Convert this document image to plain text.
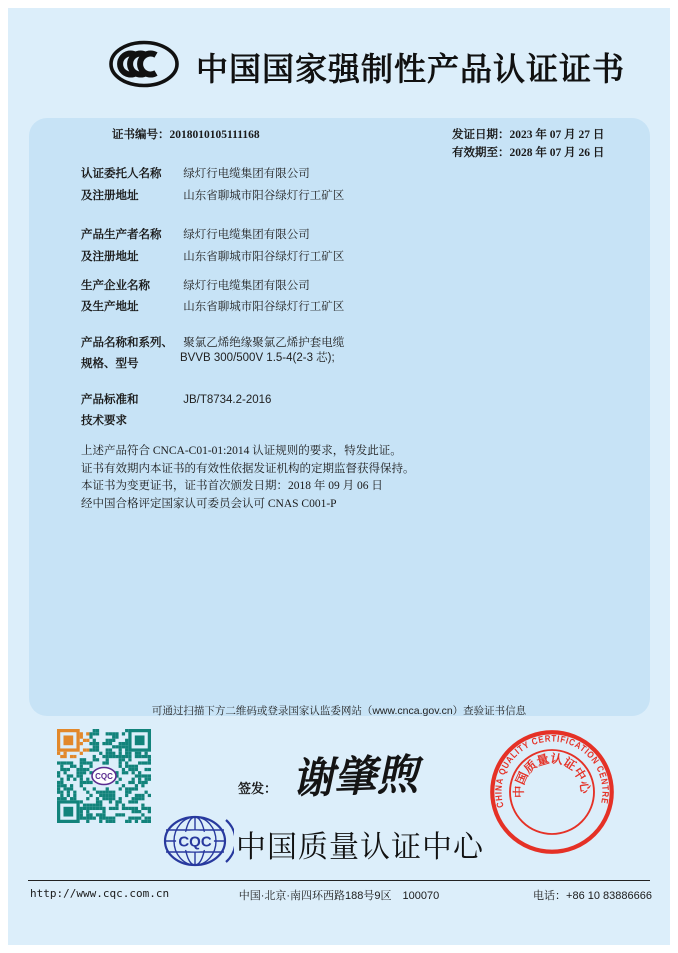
中国国家强制性产品认证证书
证书编号：2018010105111168	发证日期：2023 年 07 月 27 日
有效期至：2028 年 07 月 26 日
认证委托人名称 绿灯行电缆集团有限公司
及注册地址	山东省聊城市阳谷绿灯行工矿区
产品生产者名称 绿灯行电缆集团有限公司
及注册地址	山东省聊城市阳谷绿灯行工矿区
生产企业名称	绿灯行电缆集团有限公司
及生产地址	山东省聊城市阳谷绿灯行工矿区
产品名称和系列、 聚氯乙烯绝缘聚氯乙烯护套电缆
BVVB 300/500V 1.5-4(2-3 芯);
规格、型号
产品标准和	JB/T8734.2-2016
技术要求
上述产品符合 CNCA-C01-01:2014 认证规则的要求，特发此证。
证书有效期内本证书的有效性依据发证机构的定期监督获得保持。
本证书为变更证书，证书首次颁发日期：2018 年 09 月 06 日
经中国合格评定国家认可委员会认可 CNAS C001-P
可通过扫描下方二维码或登录国家认监委网站（www.cnca.gov.cn）查验证书信息
CQC
签发： 谢肇煦
CQC 中国质量认证中心
CHINA QUALITY CERTIFICATION CENTRE
中国质量认证中心
http://www.cqc.com.cn	中国·北京·南四环西路188号9区　100070	电话：+86 10 83886666
